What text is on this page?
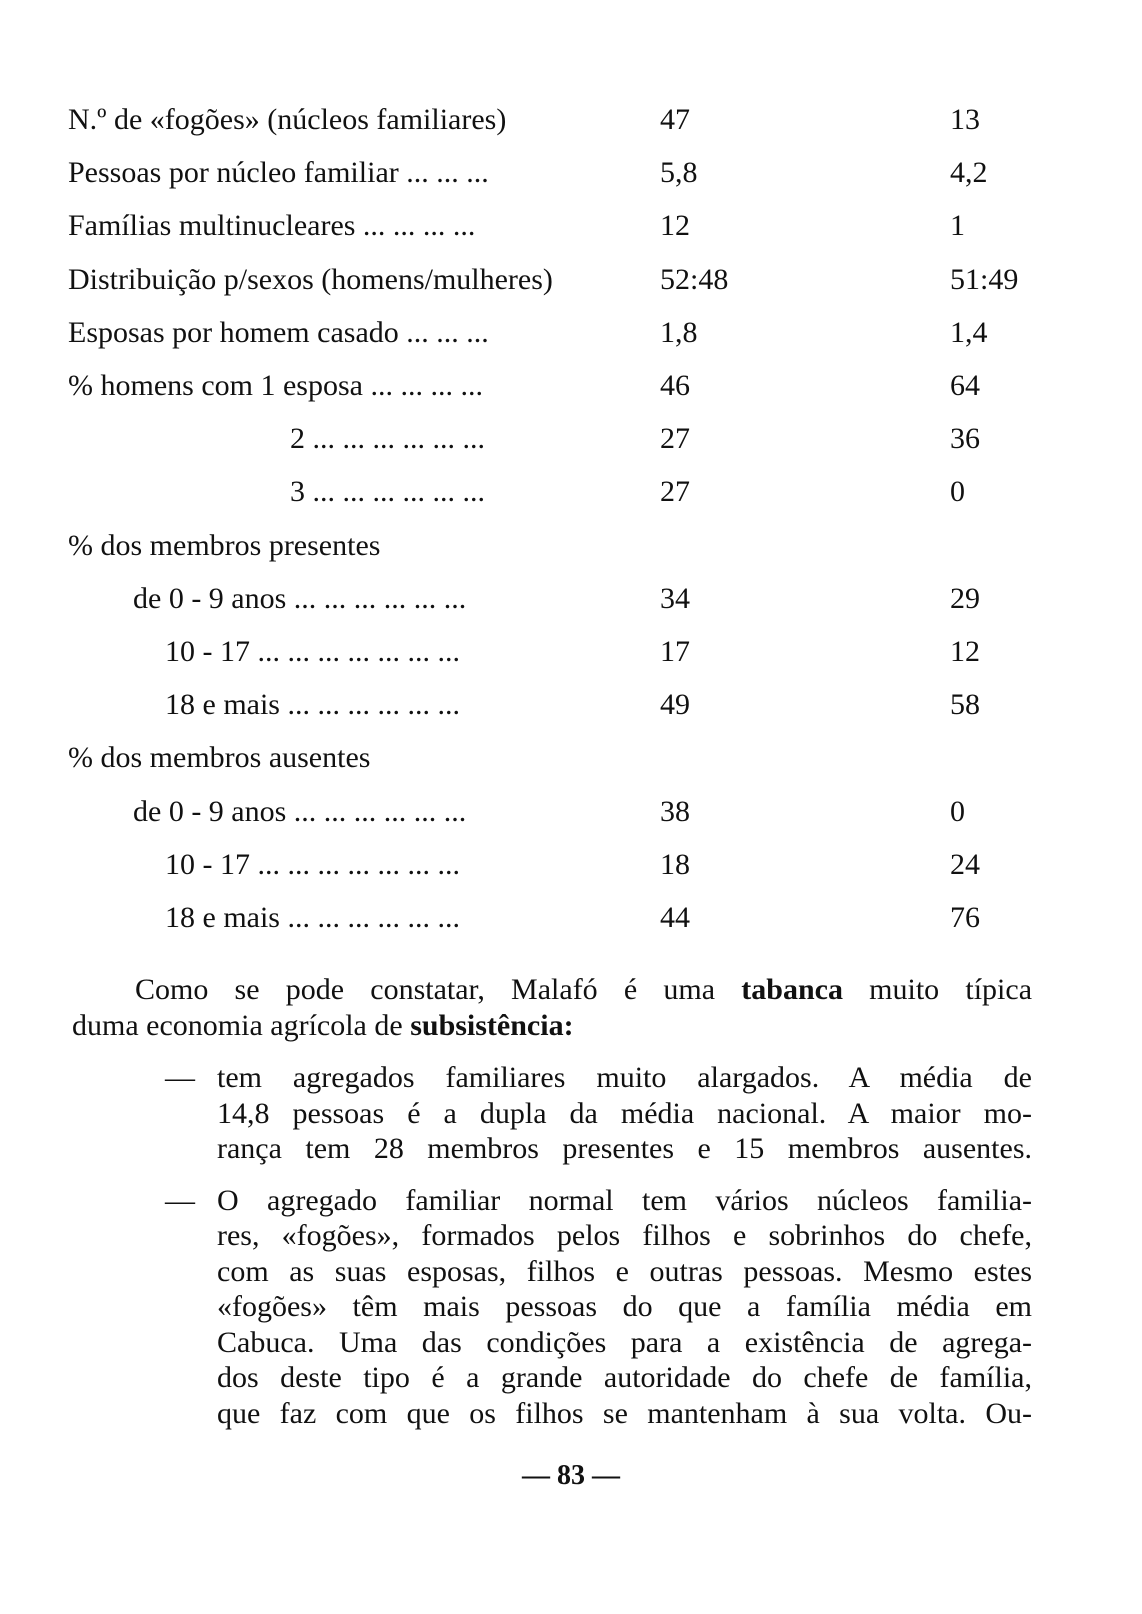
N.º de «fogões» (núcleos familiares)	47	13
Pessoas por núcleo familiar ... ... ...	5,8	4,2
Famílias multinucleares ... ... ... ...	12	1
Distribuição p/sexos (homens/mulheres)	52:48	51:49
Esposas por homem casado ... ... ...	1,8	1,4
% homens com 1 esposa ... ... ... ...	46	64
2 ... ... ... ... ... ...	27	36
3 ... ... ... ... ... ...	27	0
% dos membros presentes
de 0 - 9 anos ... ... ... ... ... ...	34	29
10 - 17 ... ... ... ... ... ... ...	17	12
18 e mais ... ... ... ... ... ...	49	58
% dos membros ausentes
de 0 - 9 anos ... ... ... ... ... ...	38	0
10 - 17 ... ... ... ... ... ... ...	18	24
18 e mais ... ... ... ... ... ...	44	76
Como se pode constatar, Malafó é uma tabanca muito típica
duma economia agrícola de subsistência:
— tem agregados familiares muito alargados. A média de
14,8 pessoas é a dupla da média nacional. A maior mo-
rança tem 28 membros presentes e 15 membros ausentes.
— O agregado familiar normal tem vários núcleos familia-
res, «fogões», formados pelos filhos e sobrinhos do chefe,
com as suas esposas, filhos e outras pessoas. Mesmo estes
«fogões» têm mais pessoas do que a família média em
Cabuca. Uma das condições para a existência de agrega-
dos deste tipo é a grande autoridade do chefe de família,
que faz com que os filhos se mantenham à sua volta. Ou-
— 83 —
